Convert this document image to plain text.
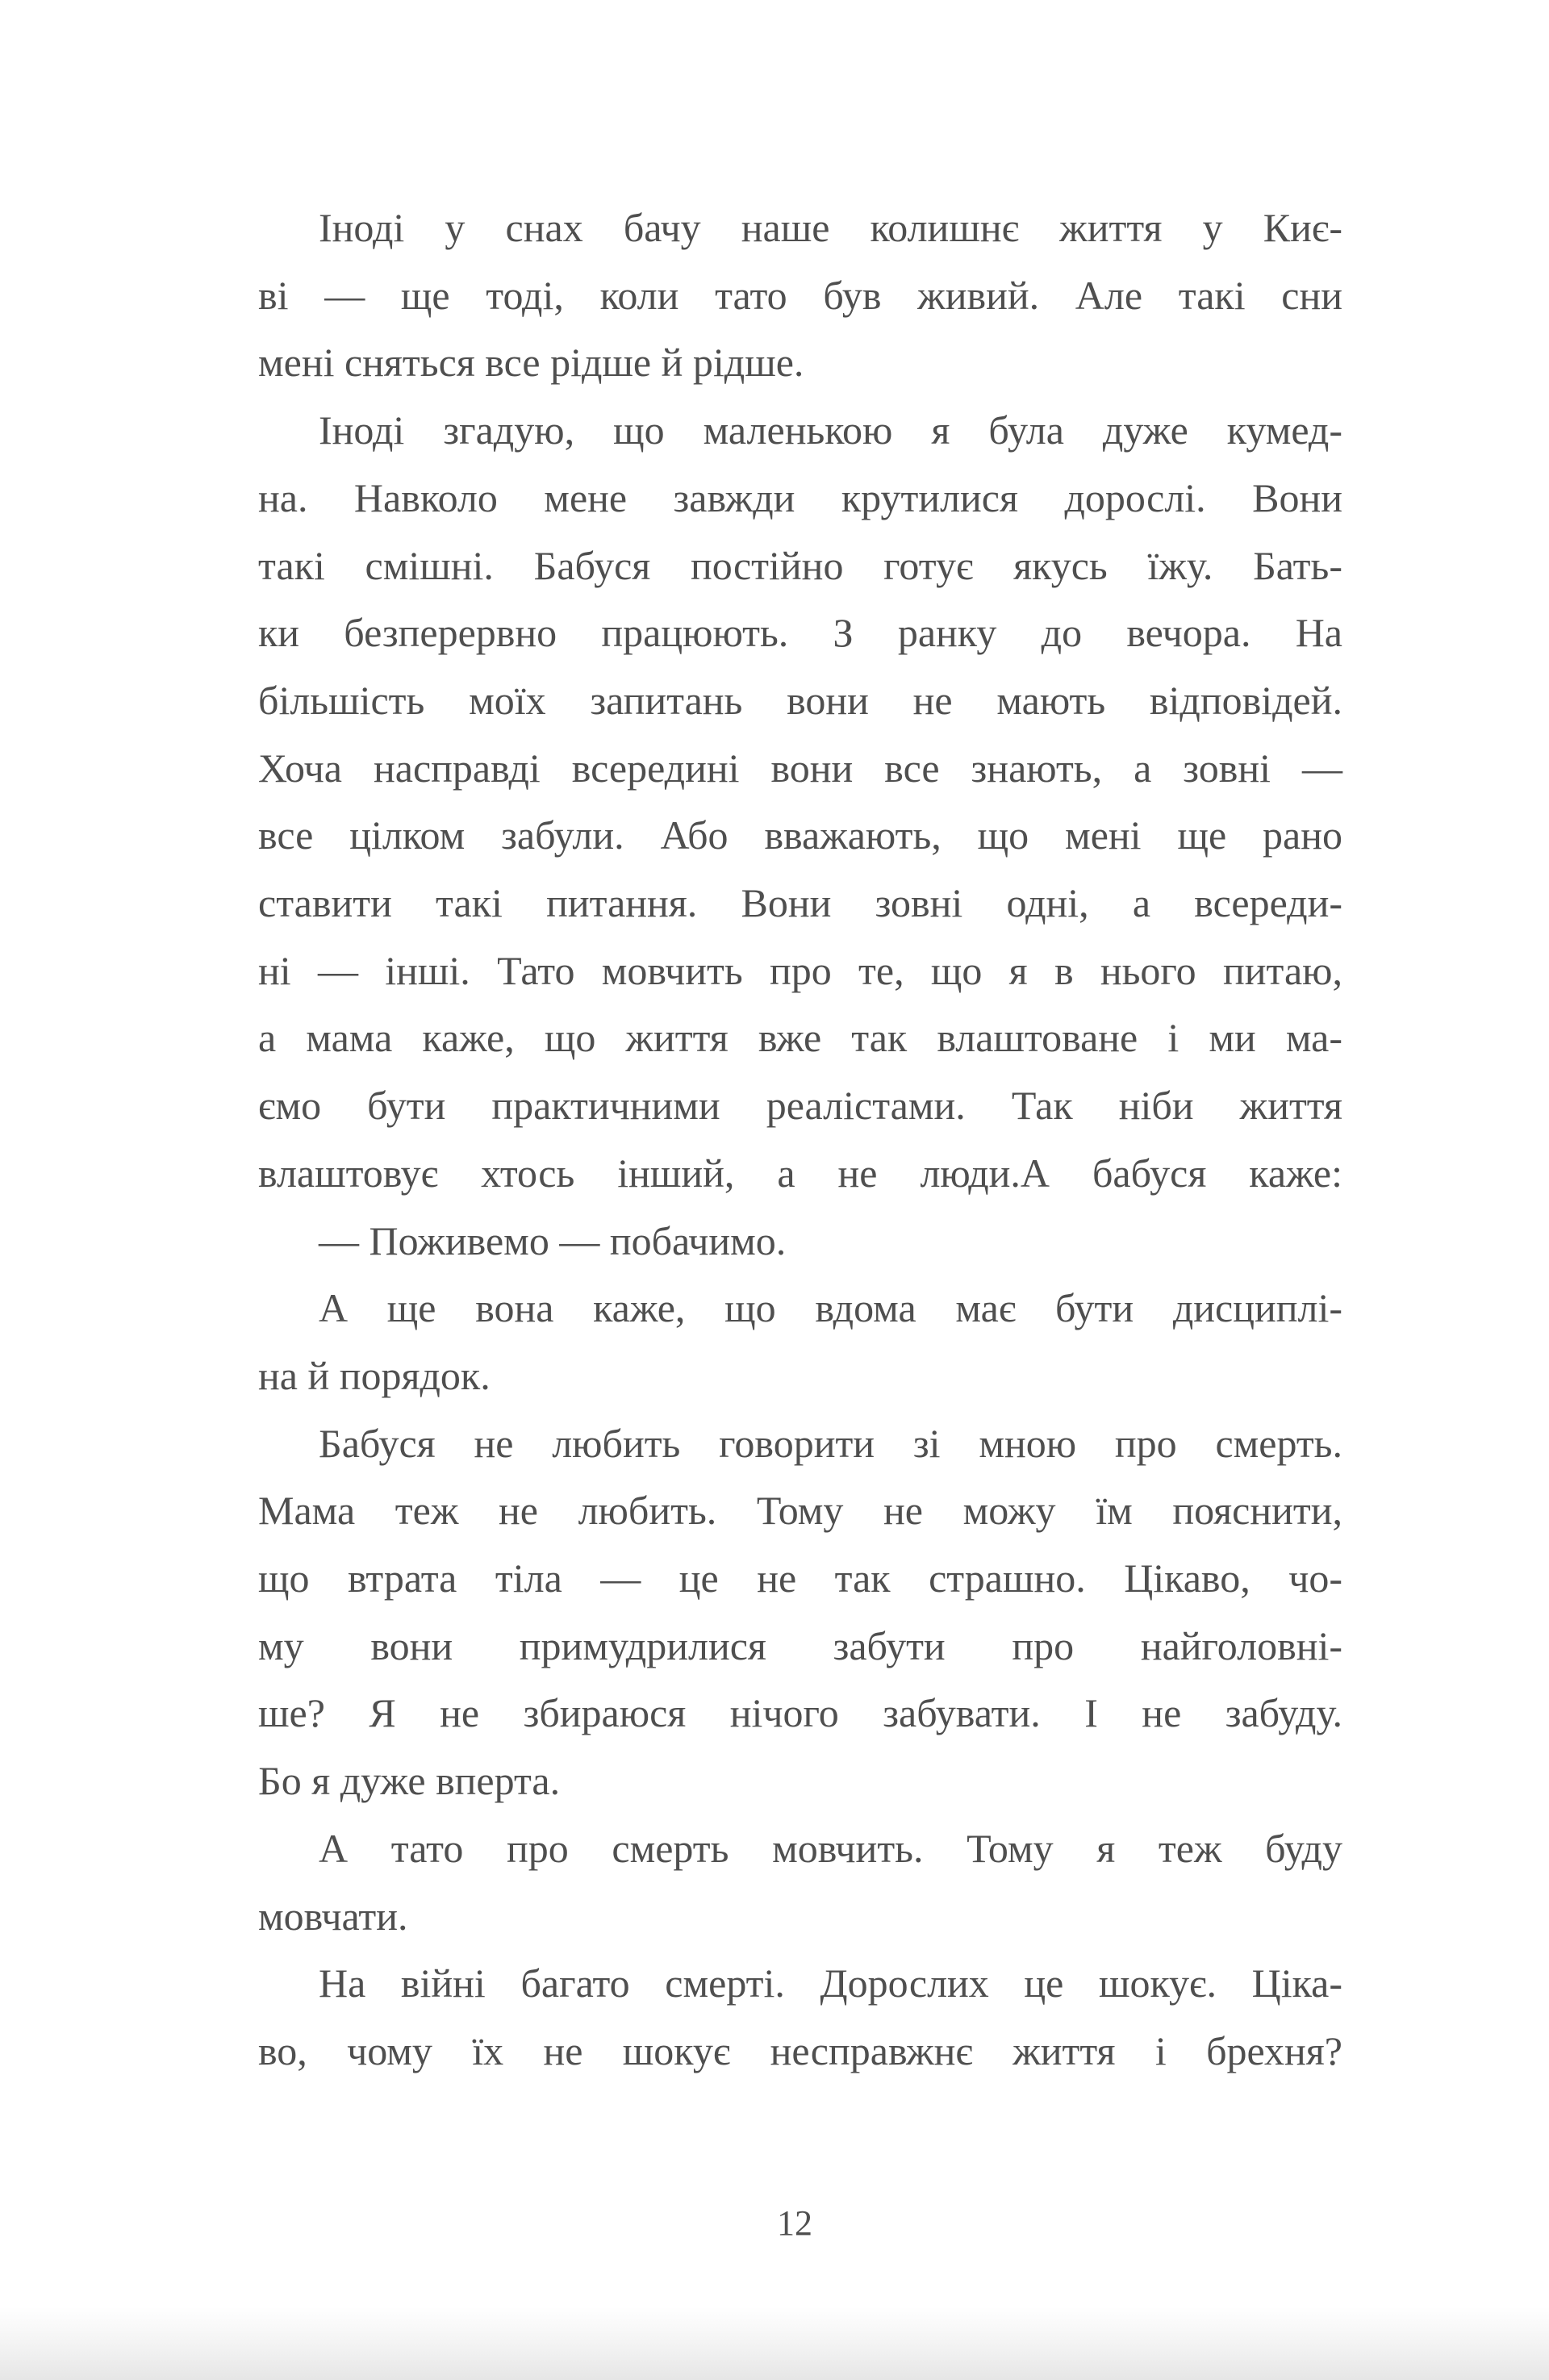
Іноді у снах бачу наше колишнє життя у Киє-
ві — ще тоді, коли тато був живий. Але такі сни
мені сняться все рідше й рідше.
Іноді згадую, що маленькою я була дуже кумед-
на. Навколо мене завжди крутилися дорослі. Вони
такі смішні. Бабуся постійно готує якусь їжу. Бать-
ки безперервно працюють. З ранку до вечора. На
більшість моїх запитань вони не мають відповідей.
Хоча насправді всередині вони все знають, а зовні —
все цілком забули. Або вважають, що мені ще рано
ставити такі питання. Вони зовні одні, а всереди-
ні — інші. Тато мовчить про те, що я в нього питаю,
а мама каже, що життя вже так влаштоване і ми ма-
ємо бути практичними реалістами. Так ніби життя
влаштовує хтось інший, а не люди.А бабуся каже:
— Поживемо — побачимо.
А ще вона каже, що вдома має бути дисциплі-
на й порядок.
Бабуся не любить говорити зі мною про смерть.
Мама теж не любить. Тому не можу їм пояснити,
що втрата тіла — це не так страшно. Цікаво, чо-
му вони примудрилися забути про найголовні-
ше? Я не збираюся нічого забувати. І не забуду.
Бо я дуже вперта.
А тато про смерть мовчить. Тому я теж буду
мовчати.
На війні багато смерті. Дорослих це шокує. Ціка-
во, чому їх не шокує несправжнє життя і брехня?
12
